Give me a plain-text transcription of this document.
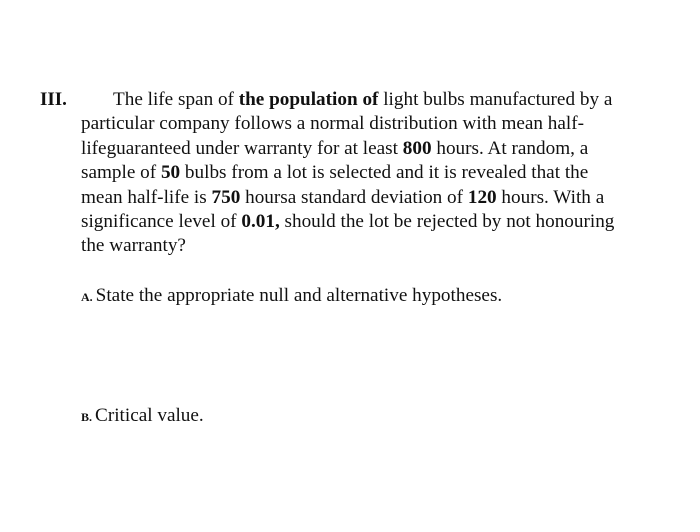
III.	The life span of the population of light bulbs manufactured by a
particular company follows a normal distribution with mean half-
lifeguaranteed under warranty for at least 800 hours. At random, a
sample of 50 bulbs from a lot is selected and it is revealed that the
mean half-life is 750 hoursa standard deviation of 120 hours. With a
significance level of 0.01, should the lot be rejected by not honouring
the warranty?
A. State the appropriate null and alternative hypotheses.
B. Critical value.
